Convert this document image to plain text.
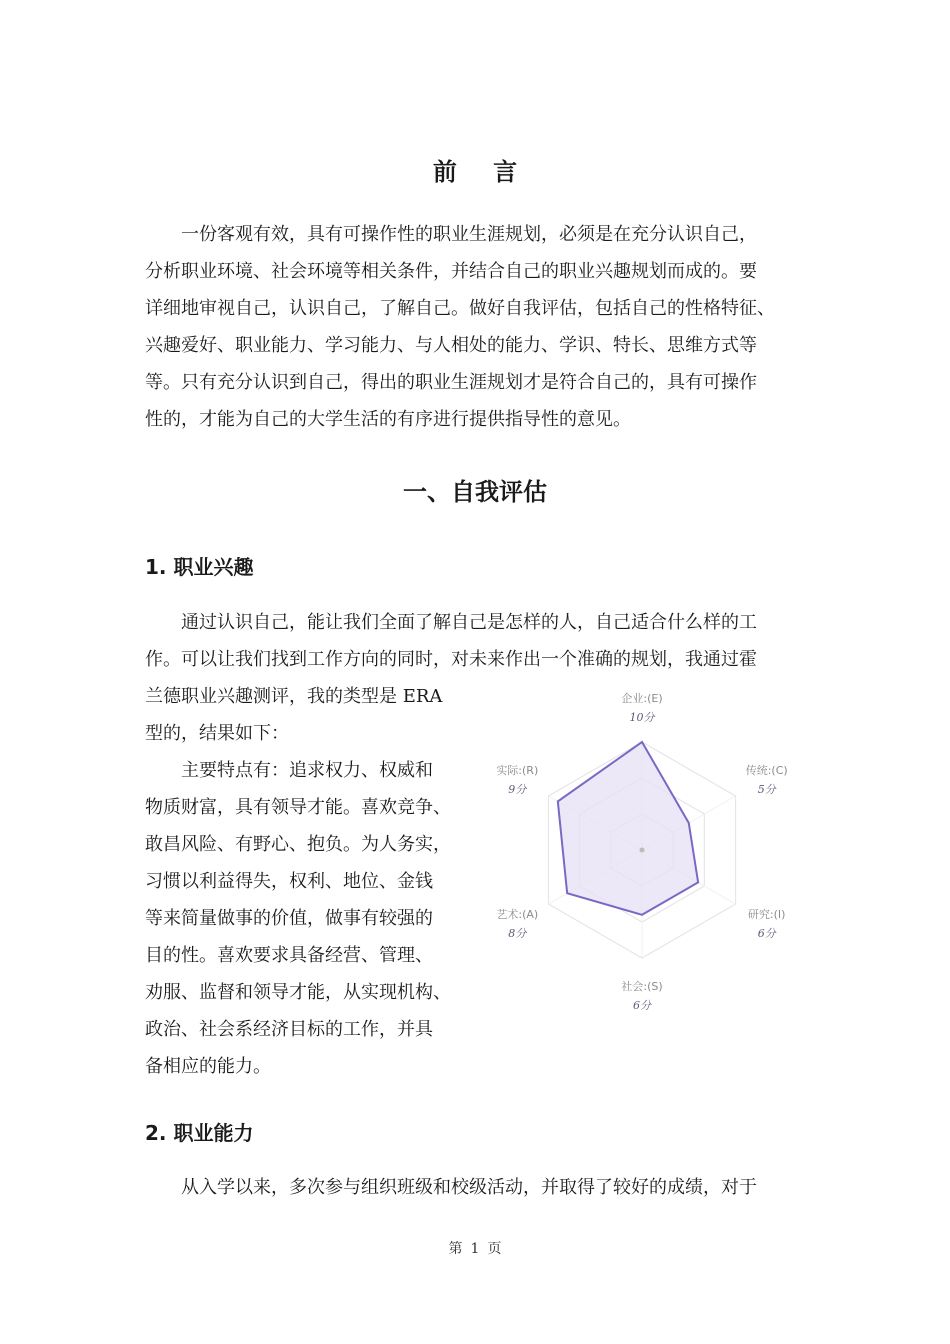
前 言

一份客观有效，具有可操作性的职业生涯规划，必须是在充分认识自己，
分析职业环境、社会环境等相关条件，并结合自己的职业兴趣规划而成的。要
详细地审视自己，认识自己，了解自己。做好自我评估，包括自己的性格特征、
兴趣爱好、职业能力、学习能力、与人相处的能力、学识、特长、思维方式等
等。只有充分认识到自己，得出的职业生涯规划才是符合自己的，具有可操作
性的，才能为自己的大学生活的有序进行提供指导性的意见。

一、自我评估
1. 职业兴趣

通过认识自己，能让我们全面了解自己是怎样的人，自己适合什么样的工
作。可以让我们找到工作方向的同时，对未来作出一个准确的规划，我通过霍
兰德职业兴趣测评，我的类型是 ERA
型的，结果如下：

主要特点有：追求权力、权威和
物质财富，具有领导才能。喜欢竞争、
敢昌风险、有野心、抱负。为人务实，
习惯以利益得失，权利、地位、金钱
等来简量做事的价值，做事有较强的
目的性。喜欢要求具备经营、管理、
劝服、监督和领导才能，从实现机构、
政治、社会系经济目标的工作，并具
备相应的能力。

企业:(E)
10分
传统:(C)
5分
研究:(I)
6分
社会:(S)
6分
艺术:(A)
8分
实际:(R)
9分
2. 职业能力

从入学以来，多次参与组织班级和校级活动，并取得了较好的成绩，对于

第 1 页
